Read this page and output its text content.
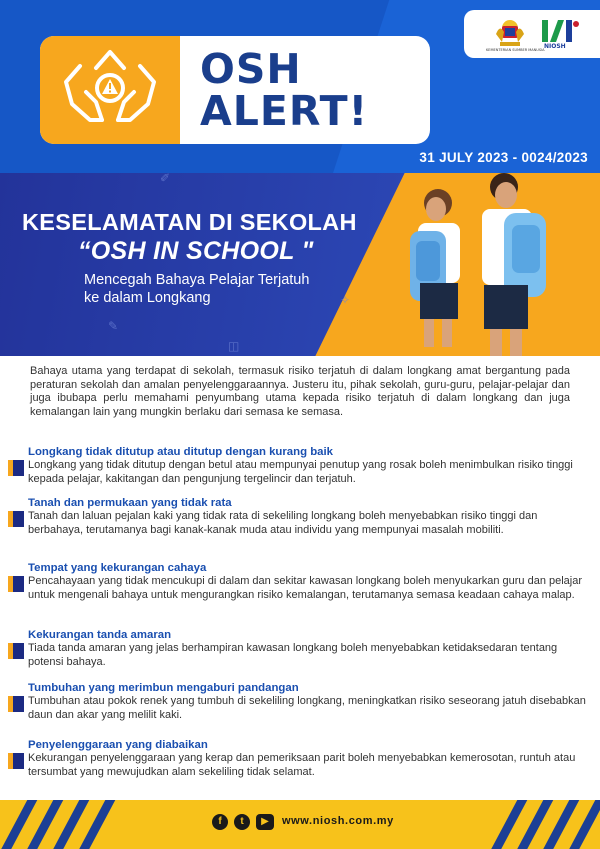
NIOSH
KEMENTERIAN SUMBER MANUSIA
OSH
ALERT!
31 JULY 2023 - 0024/2023
KESELAMATAN DI SEKOLAH
“OSH IN SCHOOL "
Mencegah Bahaya Pelajar Terjatuh ke dalam Longkang
✎
◫
✧
✐
Bahaya utama yang terdapat di sekolah, termasuk risiko terjatuh di dalam longkang amat bergantung pada peraturan sekolah dan amalan penyelenggaraannya. Justeru itu, pihak sekolah, guru-guru, pelajar-pelajar dan juga ibubapa perlu memahami penyumbang utama kepada risiko terjatuh di dalam longkang dan juga kemalangan lain yang mungkin berlaku dari semasa ke semasa.
Longkang tidak ditutup atau ditutup dengan kurang baik
Longkang yang tidak ditutup dengan betul atau mempunyai penutup yang rosak boleh menimbulkan risiko tinggi kepada pelajar, kakitangan dan pengunjung tergelincir dan terjatuh.
Tanah dan permukaan yang tidak rata
Tanah dan laluan pejalan kaki yang tidak rata di sekeliling longkang boleh menyebabkan risiko tinggi dan berbahaya, terutamanya bagi kanak-kanak muda atau individu yang mempunyai masalah mobiliti.
Tempat yang kekurangan cahaya
Pencahayaan yang tidak mencukupi di dalam dan sekitar kawasan longkang boleh menyukarkan guru dan pelajar untuk mengenali bahaya untuk mengurangkan risiko kemalangan, terutamanya semasa keadaan cahaya malap.
Kekurangan tanda amaran
Tiada tanda amaran yang jelas berhampiran kawasan longkang boleh menyebabkan ketidaksedaran tentang potensi bahaya.
Tumbuhan yang merimbun mengaburi pandangan
Tumbuhan atau pokok renek yang tumbuh di sekeliling longkang, meningkatkan risiko seseorang jatuh disebabkan daun dan akar yang melilit kaki.
Penyelenggaraan yang diabaikan
Kekurangan penyelenggaraan yang kerap dan pemeriksaan parit boleh menyebabkan kemerosotan, runtuh atau tersumbat yang mewujudkan alam sekeliling tidak selamat.
f	t	▶	www.niosh.com.my
